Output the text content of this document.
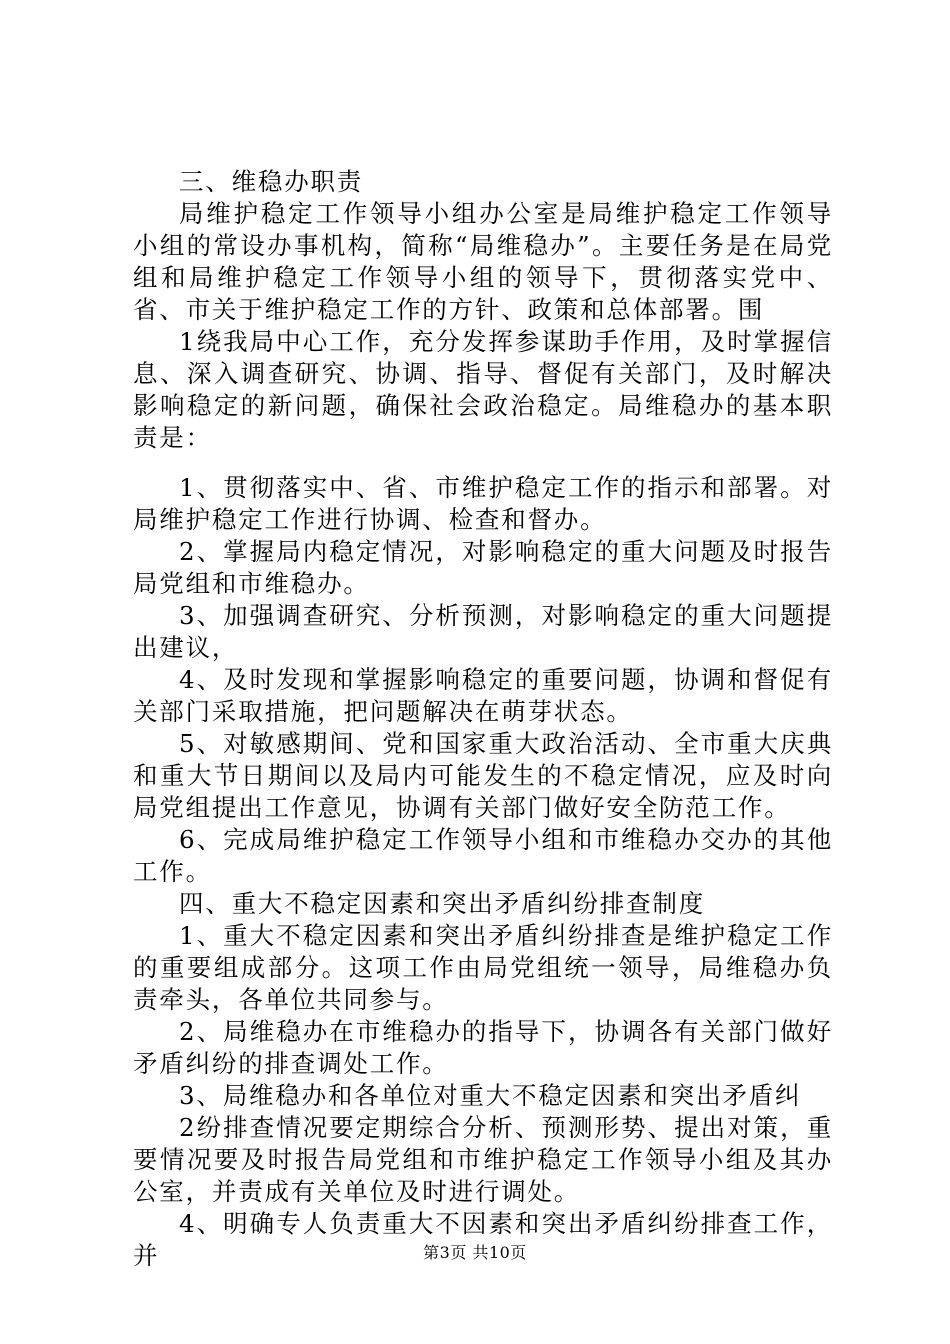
三、维稳办职责

局维护稳定工作领导小组办公室是局维护稳定工作领导小组的常设办事机构，简称“局维稳办”。主要任务是在局党组和局维护稳定工作领导小组的领导下，贯彻落实党中、省、市关于维护稳定工作的方针、政策和总体部署。围

1绕我局中心工作，充分发挥参谋助手作用，及时掌握信息、深入调查研究、协调、指导、督促有关部门，及时解决影响稳定的新问题，确保社会政治稳定。局维稳办的基本职责是：

1、贯彻落实中、省、市维护稳定工作的指示和部署。对局维护稳定工作进行协调、检查和督办。

2、掌握局内稳定情况，对影响稳定的重大问题及时报告局党组和市维稳办。

3、加强调查研究、分析预测，对影响稳定的重大问题提出建议，

4、及时发现和掌握影响稳定的重要问题，协调和督促有关部门采取措施，把问题解决在萌芽状态。

5、对敏感期间、党和国家重大政治活动、全市重大庆典和重大节日期间以及局内可能发生的不稳定情况，应及时向局党组提出工作意见，协调有关部门做好安全防范工作。

6、完成局维护稳定工作领导小组和市维稳办交办的其他工作。

四、重大不稳定因素和突出矛盾纠纷排查制度

1、重大不稳定因素和突出矛盾纠纷排查是维护稳定工作的重要组成部分。这项工作由局党组统一领导，局维稳办负责牵头，各单位共同参与。

2、局维稳办在市维稳办的指导下，协调各有关部门做好矛盾纠纷的排查调处工作。

3、局维稳办和各单位对重大不稳定因素和突出矛盾纠

2纷排查情况要定期综合分析、预测形势、提出对策，重要情况要及时报告局党组和市维护稳定工作领导小组及其办公室，并责成有关单位及时进行调处。

4、明确专人负责重大不因素和突出矛盾纠纷排查工作，并	第3页 共10页
